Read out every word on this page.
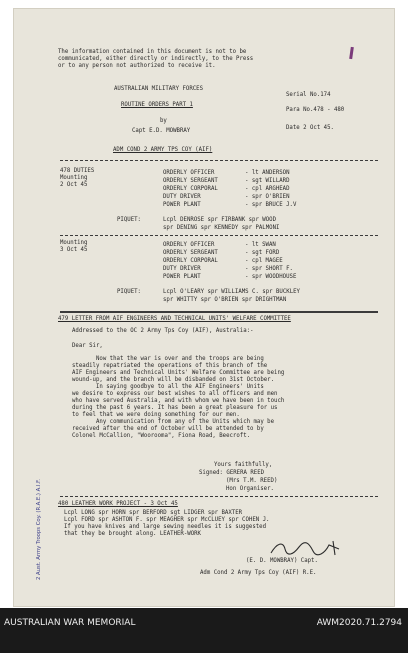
The information contained in this document is not to be
communicated, either directly or indirectly, to the Press
or to any person not authorized to receive it.
AUSTRALIAN MILITARY FORCES
Serial No.174
ROUTINE ORDERS PART 1
Para No.478 - 480
by
Capt E.D. MOWBRAY	Date 2 Oct 45.
ADM COND 2 ARMY TPS COY (AIF)
478 DUTIES
Mounting
2 Oct 45
ORDERLY OFFICER	- lt ANDERSON
ORDERLY SERGEANT	- sgt WILLARD
ORDERLY CORPORAL	- cpl ARGHEAD
DUTY DRIVER	- spr O'BRIEN
POWER PLANT	- spr BRUCE J.V
PIQUET:	Lcpl DENROSE spr FIRBANK spr WOOD
spr DENING spr KENNEDY spr PALMONI
Mounting
3 Oct 45
ORDERLY OFFICER	- lt SWAN
ORDERLY SERGEANT	- sgt FORD
ORDERLY CORPORAL	- cpl MAGEE
DUTY DRIVER	- spr SHORT F.
POWER PLANT	- spr WOODHOUSE
PIQUET:	Lcpl O'LEARY spr WILLIAMS C. spr BUCKLEY
spr WHITTY spr O'BRIEN spr DRIGHTMAN
479 LETTER FROM AIF ENGINEERS AND TECHNICAL UNITS' WELFARE COMMITTEE
Addressed to the OC 2 Army Tps Coy (AIF), Australia:-
Dear Sir,
Now that the war is over and the troops are being
steadily repatriated the operations of this branch of the
AIF Engineers and Technical Units' Welfare Committee are being
wound-up, and the branch will be disbanded on 31st October.
In saying goodbye to all the AIF Engineers' Units
we desire to express our best wishes to all officers and men
who have served Australia, and with whom we have been in touch
during the past 6 years. It has been a great pleasure for us
to feel that we were doing something for our men.
Any communication from any of the Units which may be
received after the end of October will be attended to by
Colonel McCallion, "Woorooma", Fiona Road, Beecroft.
Yours faithfully,
Signed: GERERA REED
(Mrs T.M. REED)
Hon Organiser.
480 LEATHER WORK PROJECT - 3 Oct 45
Lcpl LONG spr HORN spr BERFORD sgt LIDGER spr BAXTER
Lcpl FORD spr ASHTON F. spr MEAGHER spr McCLUEY spr COHEN J.
If you have knives and large sewing needles it is suggested
that they be brought along. LEATHER-WORK
(E. D. MOWBRAY) Capt.
Adm Cond 2 Army Tps Coy (AIF) R.E.
2 Aust. Army Troops Coy. (R.A.E.) A.I.F.
AUSTRALIAN WAR MEMORIAL	AWM2020.71.2794
